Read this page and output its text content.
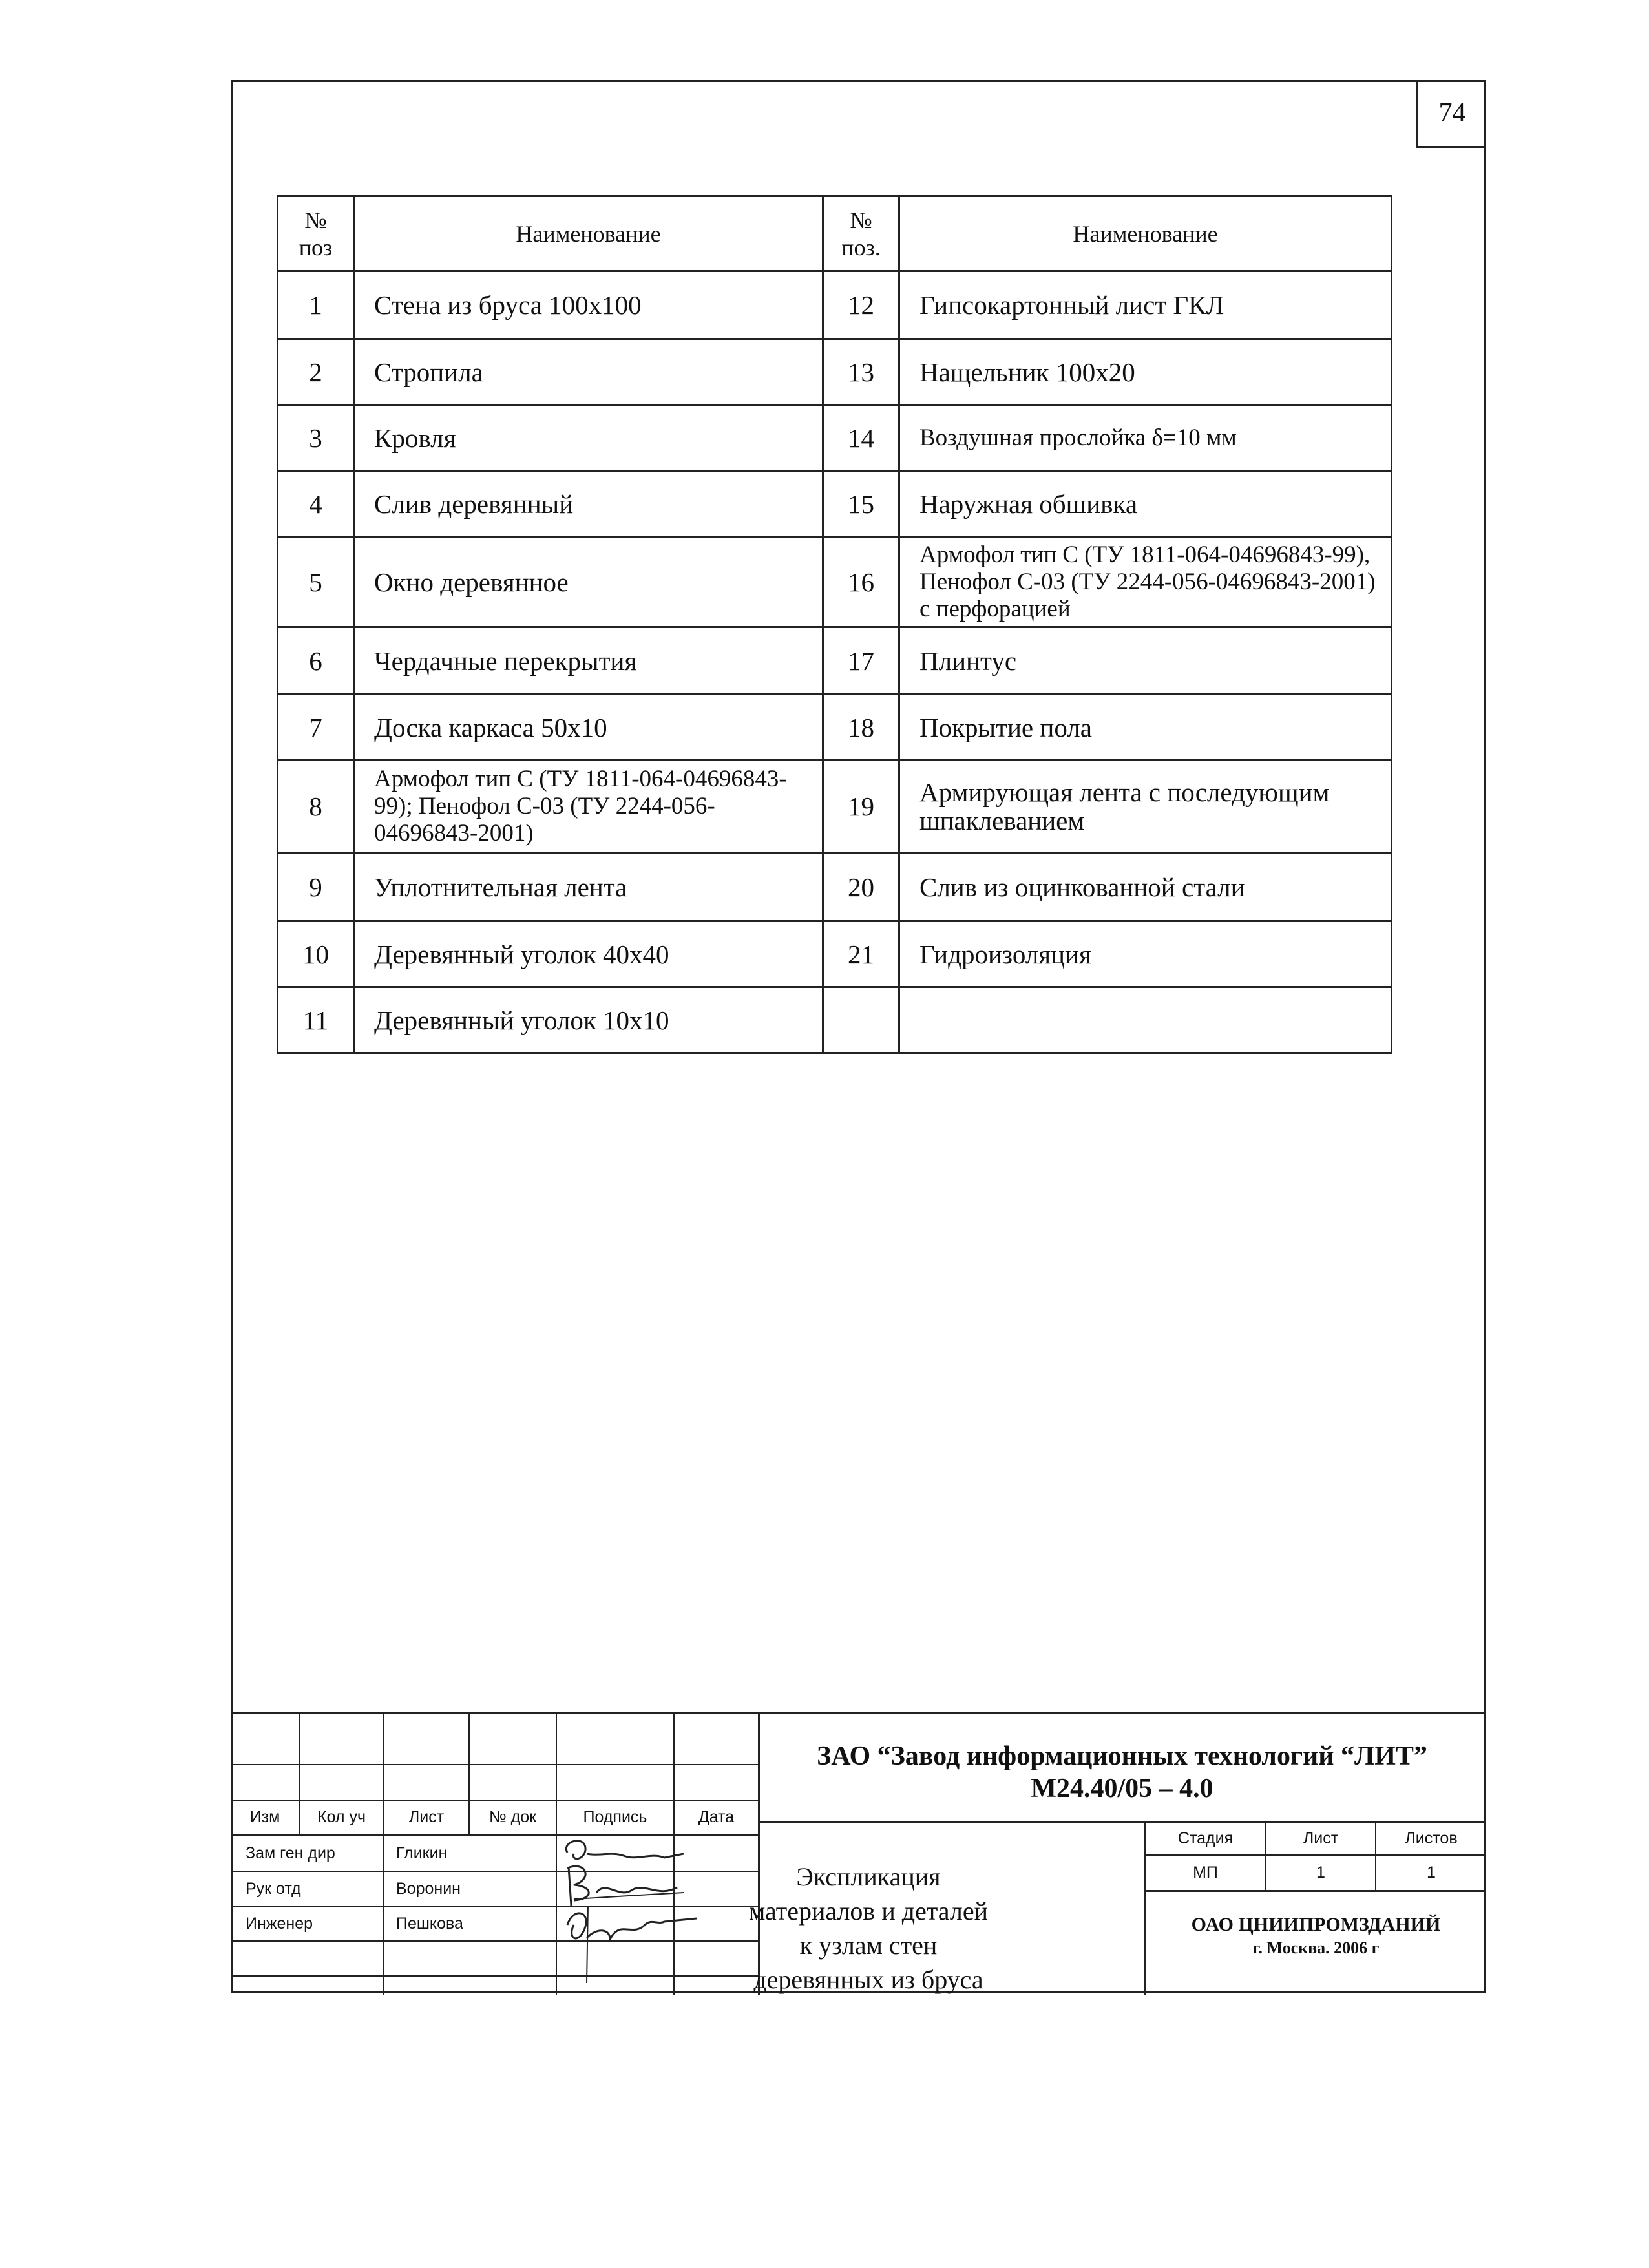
74
№ поз	Наименование	№ поз.	Наименование
1	Стена из бруса 100х100	12	Гипсокартонный лист ГКЛ
2	Стропила	13	Нащельник 100х20
3	Кровля	14	Воздушная прослойка δ=10 мм
4	Слив деревянный	15	Наружная обшивка
5	Окно деревянное	16	Армофол тип С (ТУ 1811-064-04696843-99), Пенофол С-03 (ТУ 2244-056-04696843-2001) с перфорацией
6	Чердачные перекрытия	17	Плинтус
7	Доска каркаса 50х10	18	Покрытие пола
8	Армофол тип С (ТУ 1811-064-04696843-99); Пенофол С-03 (ТУ 2244-056-04696843-2001)	19	Армирующая лента с последующим шпаклеванием
9	Уплотнительная лента	20	Слив из оцинкованной стали
10	Деревянный уголок 40х40	21	Гидроизоляция
11	Деревянный уголок 10х10		
Изм	Кол уч	Лист	№ док	Подпись	Дата
Зам ген дир	Гликин
Рук отд	Воронин
Инженер	Пешкова
ЗАО “Завод информационных технологий “ЛИТ”
М24.40/05 – 4.0
Экспликация материалов и деталей к узлам стен деревянных из бруса
Стадия	Лист	Листов
МП	1	1
ОАО ЦНИИПРОМЗДАНИЙ
г. Москва. 2006 г
